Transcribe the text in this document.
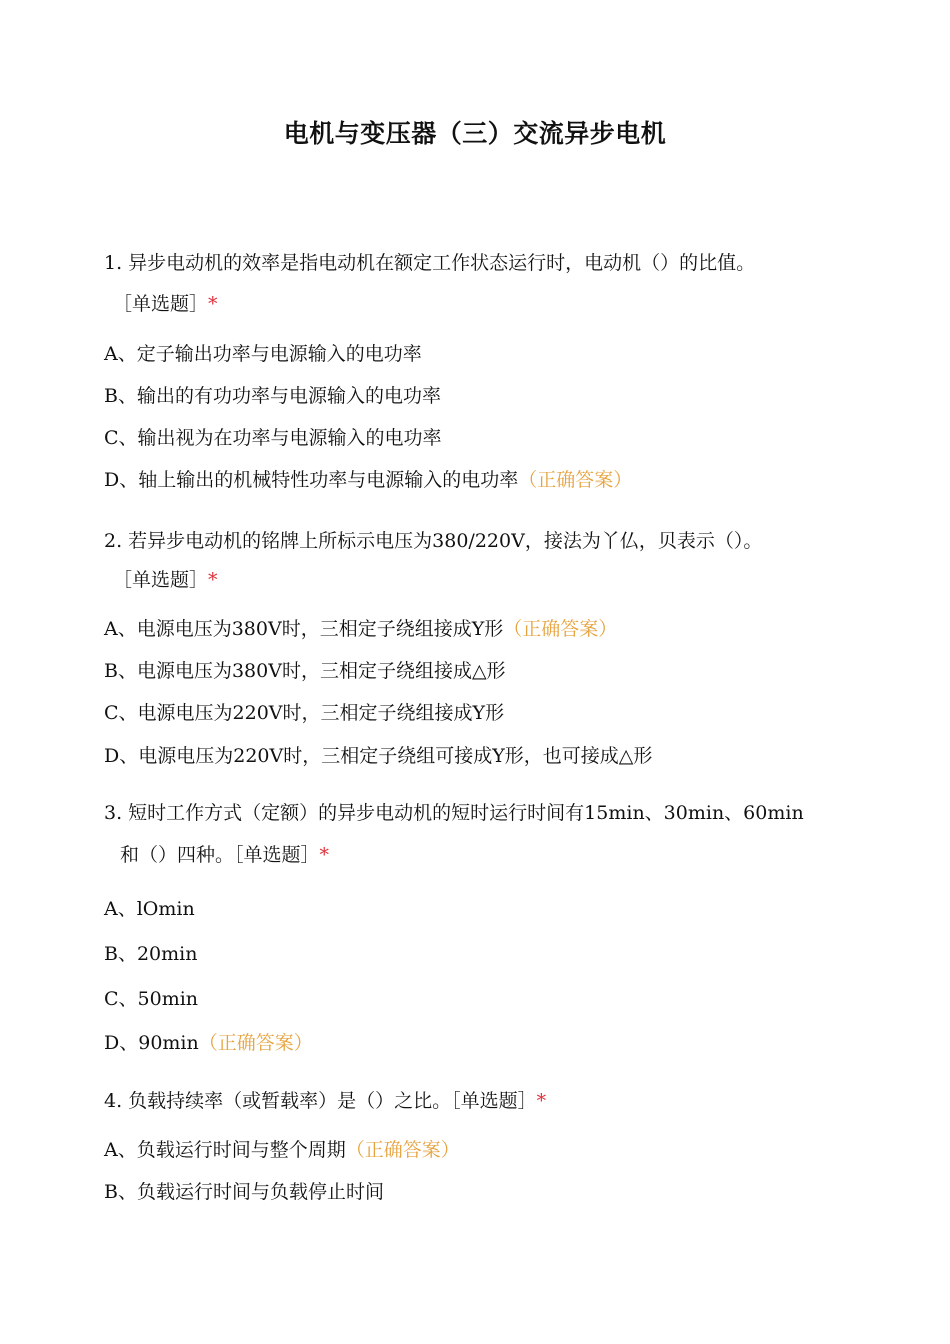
电机与变压器（三）交流异步电机
1. 异步电动机的效率是指电动机在额定工作状态运行时，电动机（）的比值。
［单选题］*
A、定子输出功率与电源输入的电功率
B、输出的有功功率与电源输入的电功率
C、输出视为在功率与电源输入的电功率
D、轴上输出的机械特性功率与电源输入的电功率（正确答案）
2. 若异步电动机的铭牌上所标示电压为380/220V，接法为丫仏，贝表示（）。
［单选题］*
A、电源电压为380V时，三相定子绕组接成Y形（正确答案）
B、电源电压为380V时，三相定子绕组接成△形
C、电源电压为220V时，三相定子绕组接成Y形
D、电源电压为220V时，三相定子绕组可接成Y形，也可接成△形
3. 短时工作方式（定额）的异步电动机的短时运行时间有15min、30min、60min
和（）四种。［单选题］*
A、lOmin
B、20min
C、50min
D、90min（正确答案）
4. 负载持续率（或暂载率）是（）之比。［单选题］*
A、负载运行时间与整个周期（正确答案）
B、负载运行时间与负载停止时间
